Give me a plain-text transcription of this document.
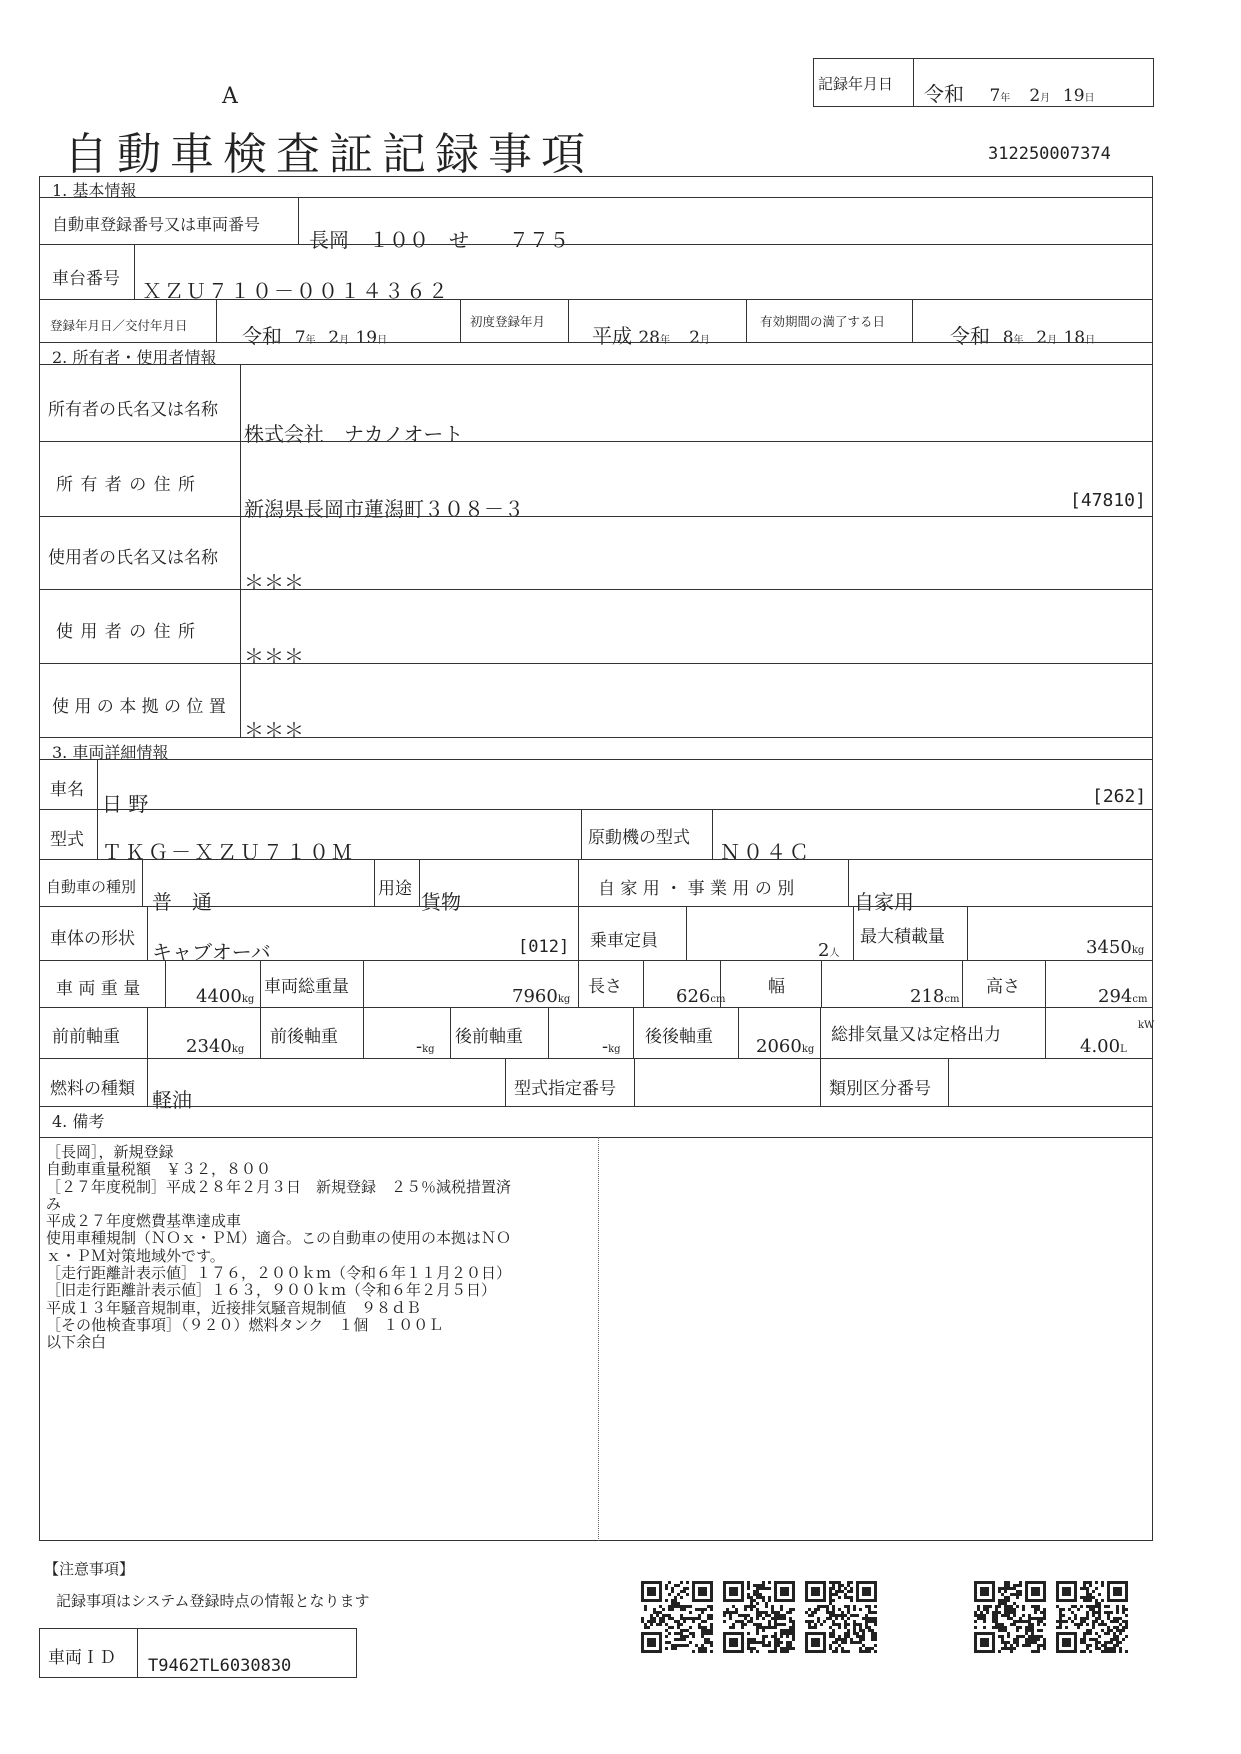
A
自動車検査証記録事項	312250007374
記録年月日 令和 7年 2月 19日
1. 基本情報
自動車登録番号又は車両番号
長岡　１００　せ　　７７５
車台番号 ＸＺＵ７１０－００１４３６２
登録年月日／交付年月日	令和 7年 2月 19日
初度登録年月
平成 28年 2月
有効期間の満了する日
令和 8年 2月 18日
2. 所有者・使用者情報
所有者の氏名又は名称
株式会社　ナカノオート
所 有 者 の 住 所
新潟県長岡市蓮潟町３０８－３	[47810]
使用者の氏名又は名称
＊＊＊
使 用 者 の 住 所
＊＊＊
使 用 の 本 拠 の 位 置
＊＊＊
3. 車両詳細情報
車名
日 野	[262]
型式 ＴＫＧ－ＸＺＵ７１０Ｍ
原動機の型式
Ｎ０４Ｃ
自動車の種別
普　通
用途
貨物
自 家 用 ・ 事 業 用 の 別
自家用
車体の形状
キャブオーバ	[012] 乗車定員	2人
最大積載量	3450kg
車 両 重 量	4400kg
車両総重量	7960kg
長さ	626cm
幅	218cm
高さ	294cm
前前軸重	2340kg
前後軸重	-kg
後前軸重	-kg
後後軸重 2060kg
総排気量又は定格出力	kW
4.00L
燃料の種類 軽油	型式指定番号	類別区分番号
4. 備考
［長岡］，新規登録
自動車重量税額　￥３２，８００
［２７年度税制］平成２８年２月３日　新規登録　２５％減税措置済
み
平成２７年度燃費基準達成車
使用車種規制（ＮＯｘ・ＰＭ）適合。この自動車の使用の本拠はＮＯ
ｘ・ＰＭ対策地域外です。
［走行距離計表示値］１７６，２００ｋｍ（令和６年１１月２０日）
［旧走行距離計表示値］１６３，９００ｋｍ（令和６年２月５日）
平成１３年騒音規制車，近接排気騒音規制値　９８ｄＢ
［その他検査事項］（９２０）燃料タンク　１個　１００Ｌ
以下余白
【注意事項】
記録事項はシステム登録時点の情報となります
車両ＩＤ T9462TL6030830
